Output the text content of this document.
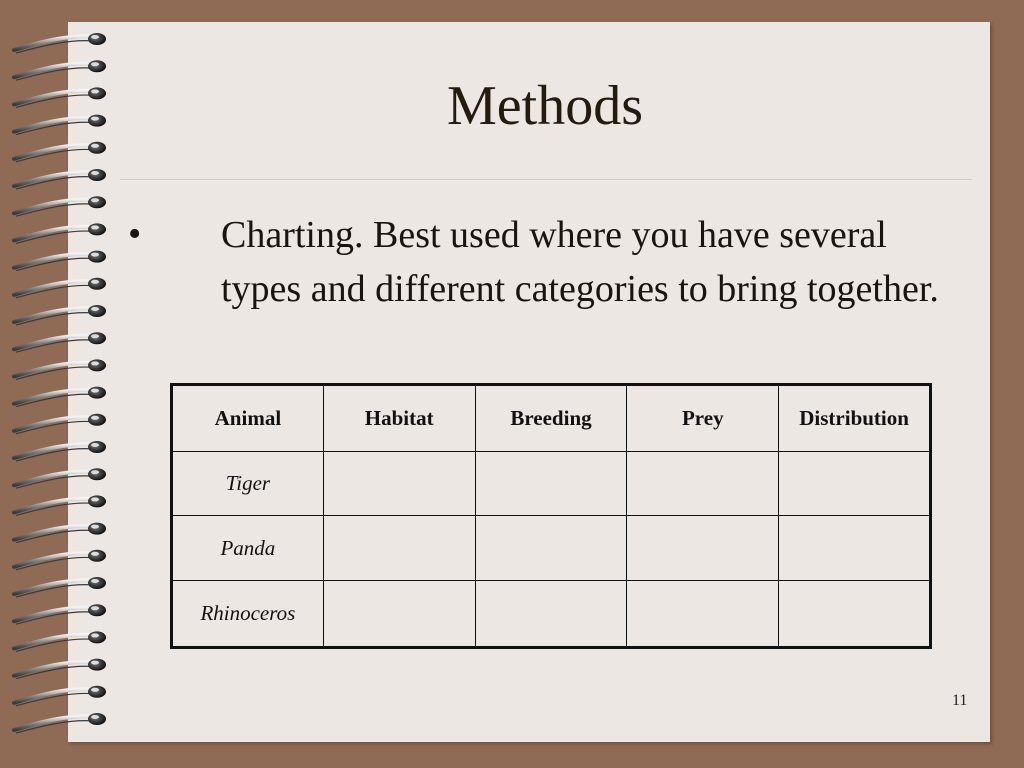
Methods
• Charting. Best used where you have several types and different categories to bring together.
Animal	Habitat	Breeding	Prey	Distribution
Tiger				
Panda				
Rhinoceros				
11
